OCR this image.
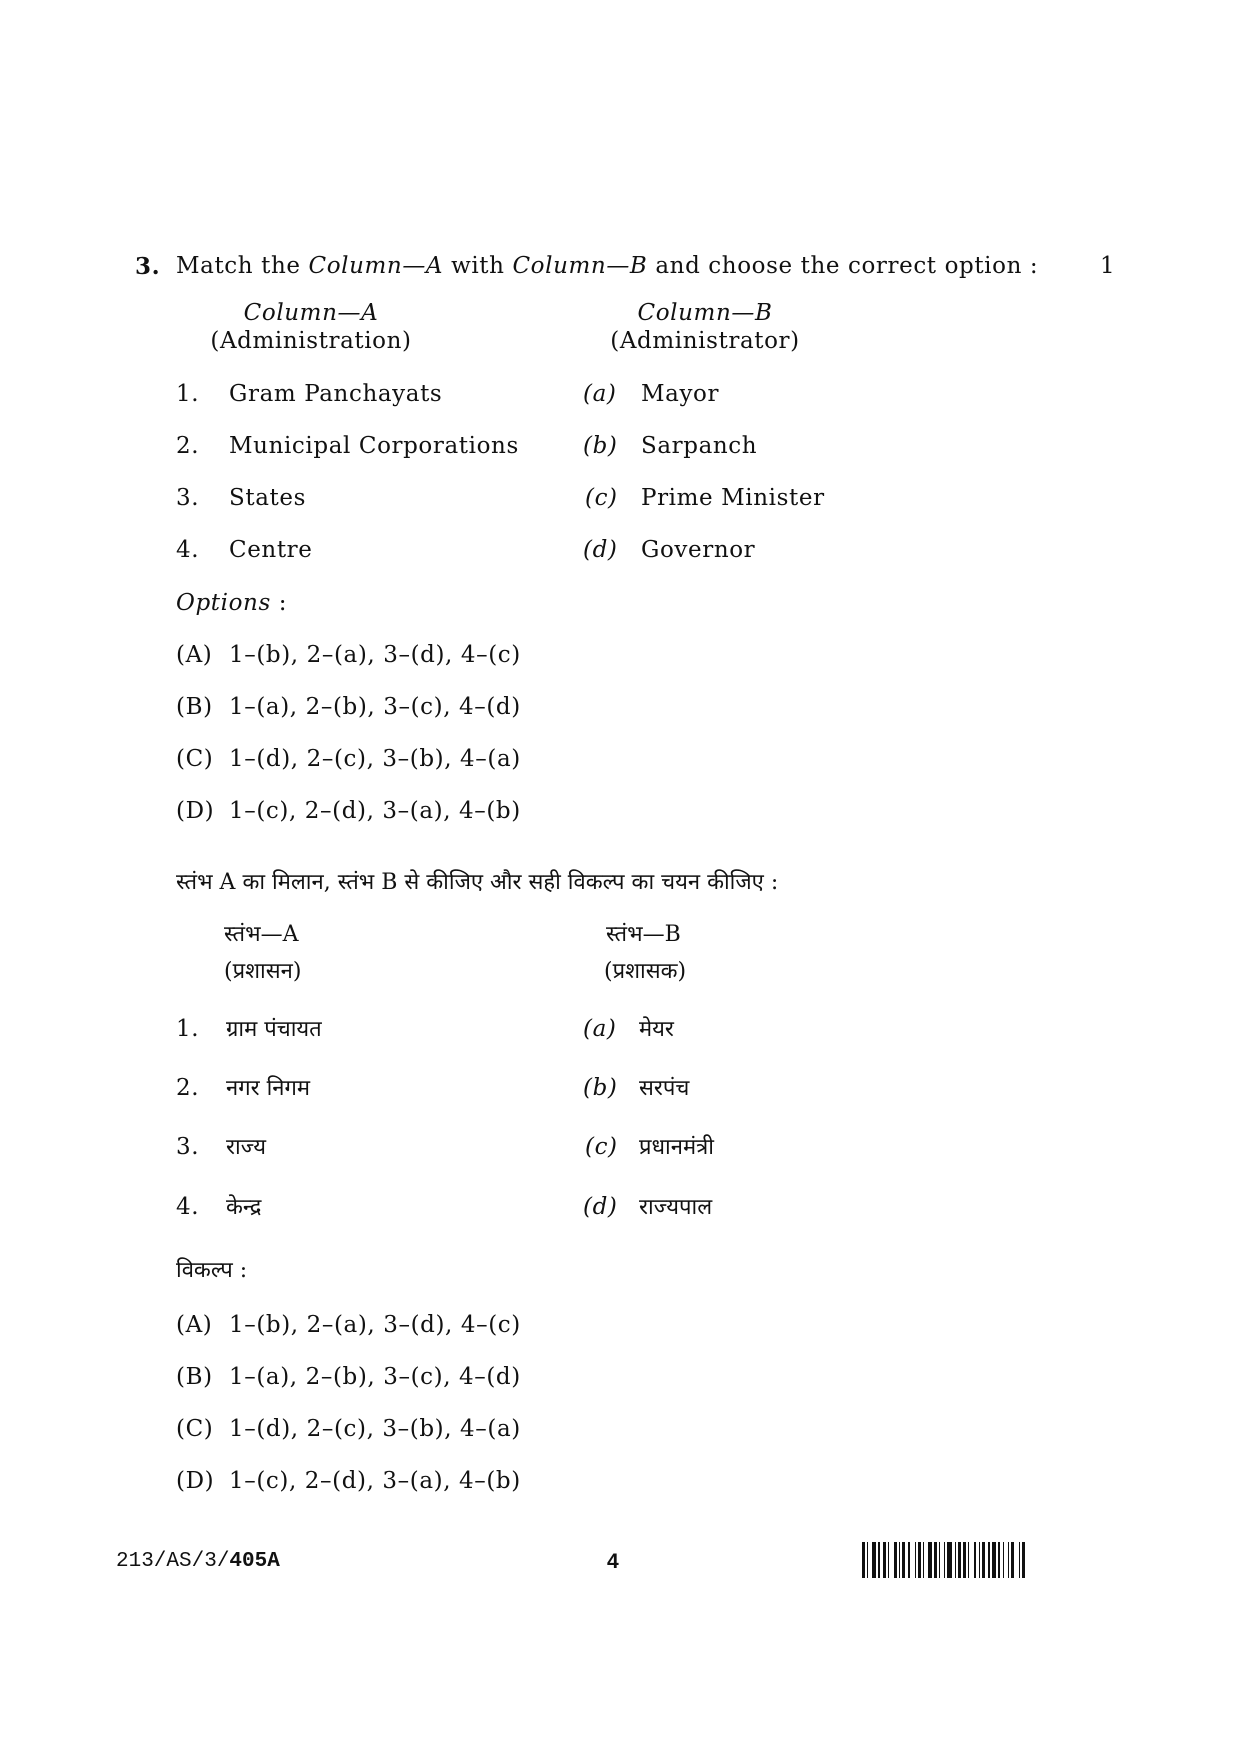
3. Match the Column—A with Column—B and choose the correct option :	1
Column—A
(Administration)
Column—B
(Administrator)
1. Gram Panchayats	(a) Mayor
2. Municipal Corporations	(b) Sarpanch
3. States	(c) Prime Minister
4. Centre	(d) Governor
Options :
(A) 1–(b), 2–(a), 3–(d), 4–(c)
(B) 1–(a), 2–(b), 3–(c), 4–(d)
(C) 1–(d), 2–(c), 3–(b), 4–(a)
(D) 1–(c), 2–(d), 3–(a), 4–(b)
स्तंभ A का मिलान, स्तंभ B से कीजिए और सही विकल्प का चयन कीजिए :
स्तंभ—A
(प्रशासन)
स्तंभ—B
(प्रशासक)
1. ग्राम पंचायत	(a) मेयर
2. नगर निगम	(b) सरपंच
3. राज्य	(c) प्रधानमंत्री
4. केन्द्र	(d) राज्यपाल
विकल्प :
(A) 1–(b), 2–(a), 3–(d), 4–(c)
(B) 1–(a), 2–(b), 3–(c), 4–(d)
(C) 1–(d), 2–(c), 3–(b), 4–(a)
(D) 1–(c), 2–(d), 3–(a), 4–(b)
213/AS/3/405A	4
